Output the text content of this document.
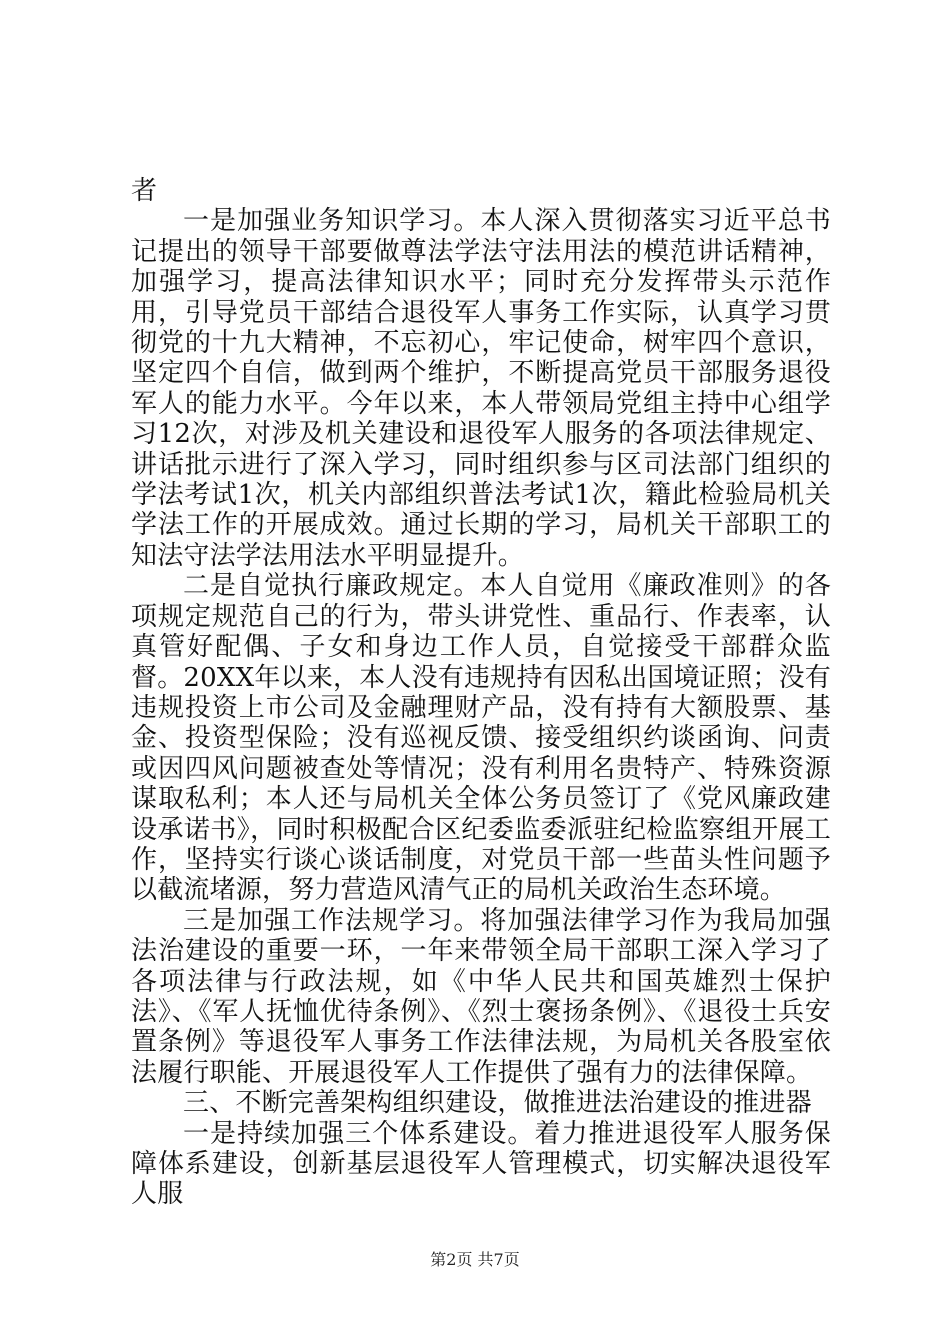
者

一是加强业务知识学习。本人深入贯彻落实习近平总书记提出的领导干部要做尊法学法守法用法的模范讲话精神，加强学习，提高法律知识水平；同时充分发挥带头示范作用，引导党员干部结合退役军人事务工作实际，认真学习贯彻党的十九大精神，不忘初心，牢记使命，树牢四个意识，坚定四个自信，做到两个维护，不断提高党员干部服务退役军人的能力水平。今年以来，本人带领局党组主持中心组学习12次，对涉及机关建设和退役军人服务的各项法律规定、讲话批示进行了深入学习，同时组织参与区司法部门组织的学法考试1次，机关内部组织普法考试1次，籍此检验局机关学法工作的开展成效。通过长期的学习，局机关干部职工的知法守法学法用法水平明显提升。

二是自觉执行廉政规定。本人自觉用《廉政准则》的各项规定规范自己的行为，带头讲党性、重品行、作表率，认真管好配偶、子女和身边工作人员，自觉接受干部群众监督。20XX年以来，本人没有违规持有因私出国境证照；没有违规投资上市公司及金融理财产品，没有持有大额股票、基金、投资型保险；没有巡视反馈、接受组织约谈函询、问责或因四风问题被查处等情况；没有利用名贵特产、特殊资源谋取私利；本人还与局机关全体公务员签订了《党风廉政建设承诺书》，同时积极配合区纪委监委派驻纪检监察组开展工作，坚持实行谈心谈话制度，对党员干部一些苗头性问题予以截流堵源，努力营造风清气正的局机关政治生态环境。

三是加强工作法规学习。将加强法律学习作为我局加强法治建设的重要一环，一年来带领全局干部职工深入学习了各项法律与行政法规，如《中华人民共和国英雄烈士保护法》、《军人抚恤优待条例》、《烈士褒扬条例》、《退役士兵安置条例》等退役军人事务工作法律法规，为局机关各股室依法履行职能、开展退役军人工作提供了强有力的法律保障。

三、不断完善架构组织建设，做推进法治建设的推进器

一是持续加强三个体系建设。着力推进退役军人服务保障体系建设，创新基层退役军人管理模式，切实解决退役军人服

第2页 共7页
